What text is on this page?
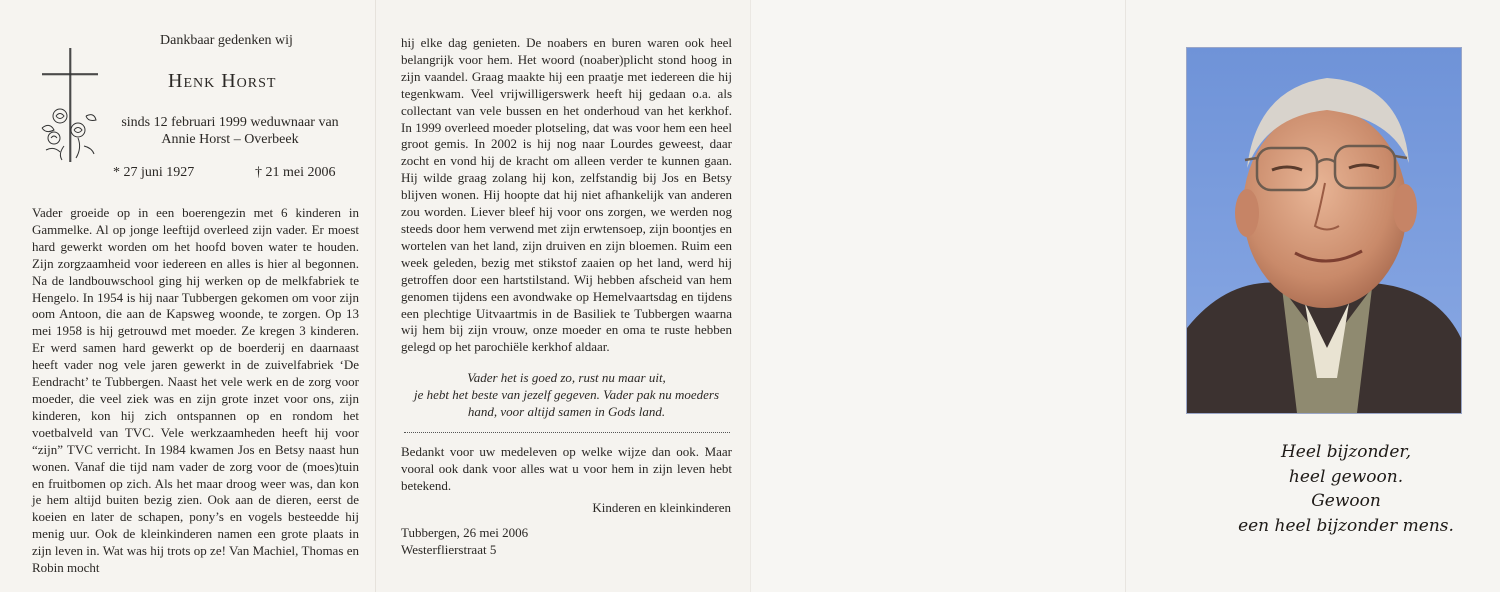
Dankbaar gedenken wij
Henk Horst
sinds 12 februari 1999 weduwnaar van
Annie Horst – Overbeek
* 27 juni 1927	† 21 mei 2006
Vader groeide op in een boerengezin met 6 kinderen in Gammelke. Al op jonge leeftijd overleed zijn vader. Er moest hard gewerkt worden om het hoofd boven water te houden. Zijn zorgzaamheid voor iedereen en alles is hier al begonnen. Na de landbouwschool ging hij werken op de melkfabriek te Hengelo. In 1954 is hij naar Tubbergen gekomen om voor zijn oom Antoon, die aan de Kapsweg woonde, te zorgen. Op 13 mei 1958 is hij getrouwd met moeder. Ze kregen 3 kinderen. Er werd samen hard gewerkt op de boerderij en daarnaast heeft vader nog vele jaren gewerkt in de zuivelfabriek ‘De Eendracht’ te Tubbergen. Naast het vele werk en de zorg voor moeder, die veel ziek was en zijn grote inzet voor ons, zijn kinderen, kon hij zich ontspannen op en rondom het voetbalveld van TVC. Vele werkzaamheden heeft hij voor “zijn” TVC verricht. In 1984 kwamen Jos en Betsy naast hun wonen. Vanaf die tijd nam vader de zorg voor de (moes)tuin en fruitbomen op zich. Als het maar droog weer was, dan kon je hem altijd buiten bezig zien. Ook aan de dieren, eerst de koeien en later de schapen, pony’s en vogels besteedde hij menig uur. Ook de kleinkinderen namen een grote plaats in zijn leven in. Wat was hij trots op ze! Van Machiel, Thomas en Robin mocht
hij elke dag genieten. De noabers en buren waren ook heel belangrijk voor hem. Het woord (noaber)plicht stond hoog in zijn vaandel. Graag maakte hij een praatje met iedereen die hij tegenkwam. Veel vrijwilligerswerk heeft hij gedaan o.a. als collectant van vele bussen en het onderhoud van het kerkhof. In 1999 overleed moeder plotseling, dat was voor hem een heel groot gemis. In 2002 is hij nog naar Lourdes geweest, daar zocht en vond hij de kracht om alleen verder te kunnen gaan. Hij wilde graag zolang hij kon, zelfstandig bij Jos en Betsy blijven wonen. Hij hoopte dat hij niet afhankelijk van anderen zou worden. Liever bleef hij voor ons zorgen, we werden nog steeds door hem verwend met zijn erwtensoep, zijn boontjes en wortelen van het land, zijn druiven en zijn bloemen. Ruim een week geleden, bezig met stikstof zaaien op het land, werd hij getroffen door een hartstilstand. Wij hebben afscheid van hem genomen tijdens een avondwake op Hemelvaartsdag en tijdens een plechtige Uitvaartmis in de Basiliek te Tubbergen waarna wij hem bij zijn vrouw, onze moeder en oma te ruste hebben gelegd op het parochiële kerkhof aldaar.
Vader het is goed zo, rust nu maar uit,
je hebt het beste van jezelf gegeven. Vader pak nu moeders
hand, voor altijd samen in Gods land.
Bedankt voor uw medeleven op welke wijze dan ook. Maar vooral ook dank voor alles wat u voor hem in zijn leven hebt betekend.
Kinderen en kleinkinderen
Tubbergen, 26 mei 2006
Westerflierstraat 5
Heel bijzonder,
heel gewoon.
Gewoon
een heel bijzonder mens.
